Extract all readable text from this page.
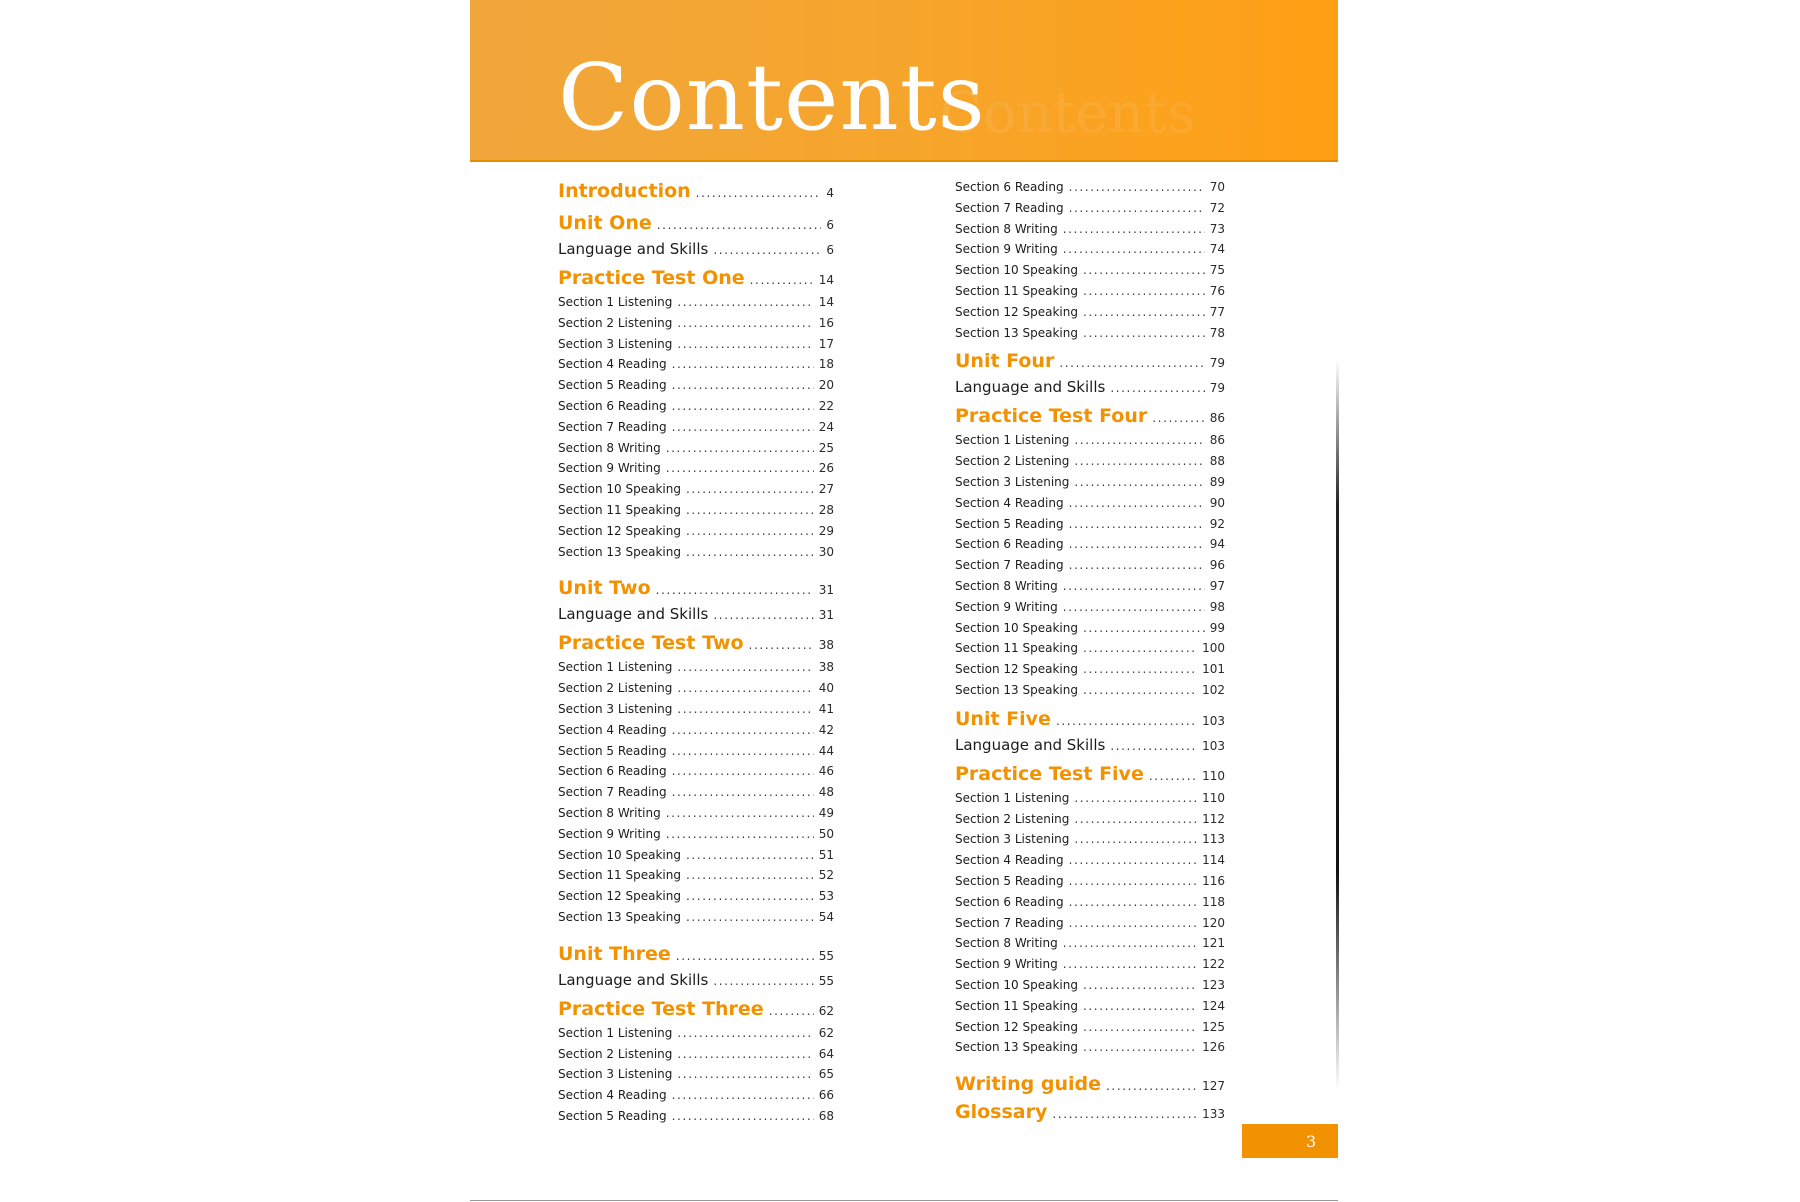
Contents
Contents
Introduction .....	4
Unit One .....	6
Language and Skills .....	6
Practice Test One .....	14
Section 1 Listening .....	14
Section 2 Listening .....	16
Section 3 Listening .....	17
Section 4 Reading .....	18
Section 5 Reading .....	20
Section 6 Reading .....	22
Section 7 Reading .....	24
Section 8 Writing .....	25
Section 9 Writing .....	26
Section 10 Speaking .....	27
Section 11 Speaking .....	28
Section 12 Speaking .....	29
Section 13 Speaking .....	30
Unit Two .....	31
Language and Skills .....	31
Practice Test Two .....	38
Section 1 Listening .....	38
Section 2 Listening .....	40
Section 3 Listening .....	41
Section 4 Reading .....	42
Section 5 Reading .....	44
Section 6 Reading .....	46
Section 7 Reading .....	48
Section 8 Writing .....	49
Section 9 Writing .....	50
Section 10 Speaking .....	51
Section 11 Speaking .....	52
Section 12 Speaking .....	53
Section 13 Speaking .....	54
Unit Three .....	55
Language and Skills .....	55
Practice Test Three .....	62
Section 1 Listening .....	62
Section 2 Listening .....	64
Section 3 Listening .....	65
Section 4 Reading .....	66
Section 5 Reading .....	68
Section 6 Reading .....	70
Section 7 Reading .....	72
Section 8 Writing .....	73
Section 9 Writing .....	74
Section 10 Speaking .....	75
Section 11 Speaking .....	76
Section 12 Speaking .....	77
Section 13 Speaking .....	78
Unit Four .....	79
Language and Skills .....	79
Practice Test Four .....	86
Section 1 Listening .....	86
Section 2 Listening .....	88
Section 3 Listening .....	89
Section 4 Reading .....	90
Section 5 Reading .....	92
Section 6 Reading .....	94
Section 7 Reading .....	96
Section 8 Writing .....	97
Section 9 Writing .....	98
Section 10 Speaking .....	99
Section 11 Speaking .....	100
Section 12 Speaking .....	101
Section 13 Speaking .....	102
Unit Five .....	103
Language and Skills .....	103
Practice Test Five .....	110
Section 1 Listening .....	110
Section 2 Listening .....	112
Section 3 Listening .....	113
Section 4 Reading .....	114
Section 5 Reading .....	116
Section 6 Reading .....	118
Section 7 Reading .....	120
Section 8 Writing .....	121
Section 9 Writing .....	122
Section 10 Speaking .....	123
Section 11 Speaking .....	124
Section 12 Speaking .....	125
Section 13 Speaking .....	126
Writing guide .....	127
Glossary .....	133
3
